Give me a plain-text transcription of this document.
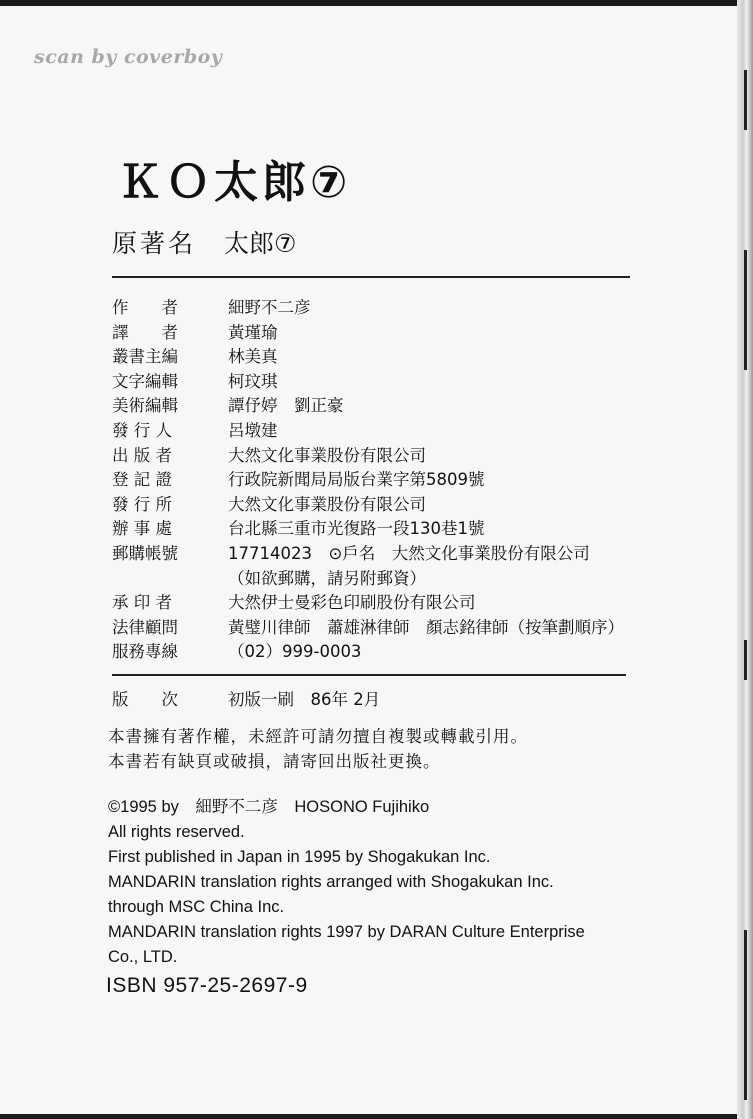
scan by coverboy
ＫＯ太郎⑦
原著名 太郎⑦
作　　者	細野不二彦
譯　　者	黃瑾瑜
叢書主編	林美真
文字編輯	柯玟琪
美術編輯	譚伃婷　劉正豪
發 行 人	呂墩建
出 版 者	大然文化事業股份有限公司
登 記 證	行政院新聞局局版台業字第5809號
發 行 所	大然文化事業股份有限公司
辦 事 處	台北縣三重市光復路一段130巷1號
郵購帳號	17714023　⊙戶名　大然文化事業股份有限公司
（如欲郵購，請另附郵資）
承 印 者	大然伊士曼彩色印刷股份有限公司
法律顧問	黃璧川律師　蕭雄淋律師　顏志銘律師（按筆劃順序）
服務專線	（02）999-0003
版　　次	初版一刷　86年 2月
本書擁有著作權，未經許可請勿擅自複製或轉載引用。
本書若有缺頁或破損，請寄回出版社更換。
©1995 by　細野不二彦　HOSONO Fujihiko
All rights reserved.
First published in Japan in 1995 by Shogakukan Inc.
MANDARIN translation rights arranged with Shogakukan Inc.
through MSC China Inc.
MANDARIN translation rights 1997 by DARAN Culture Enterprise
Co., LTD.
ISBN 957-25-2697-9
